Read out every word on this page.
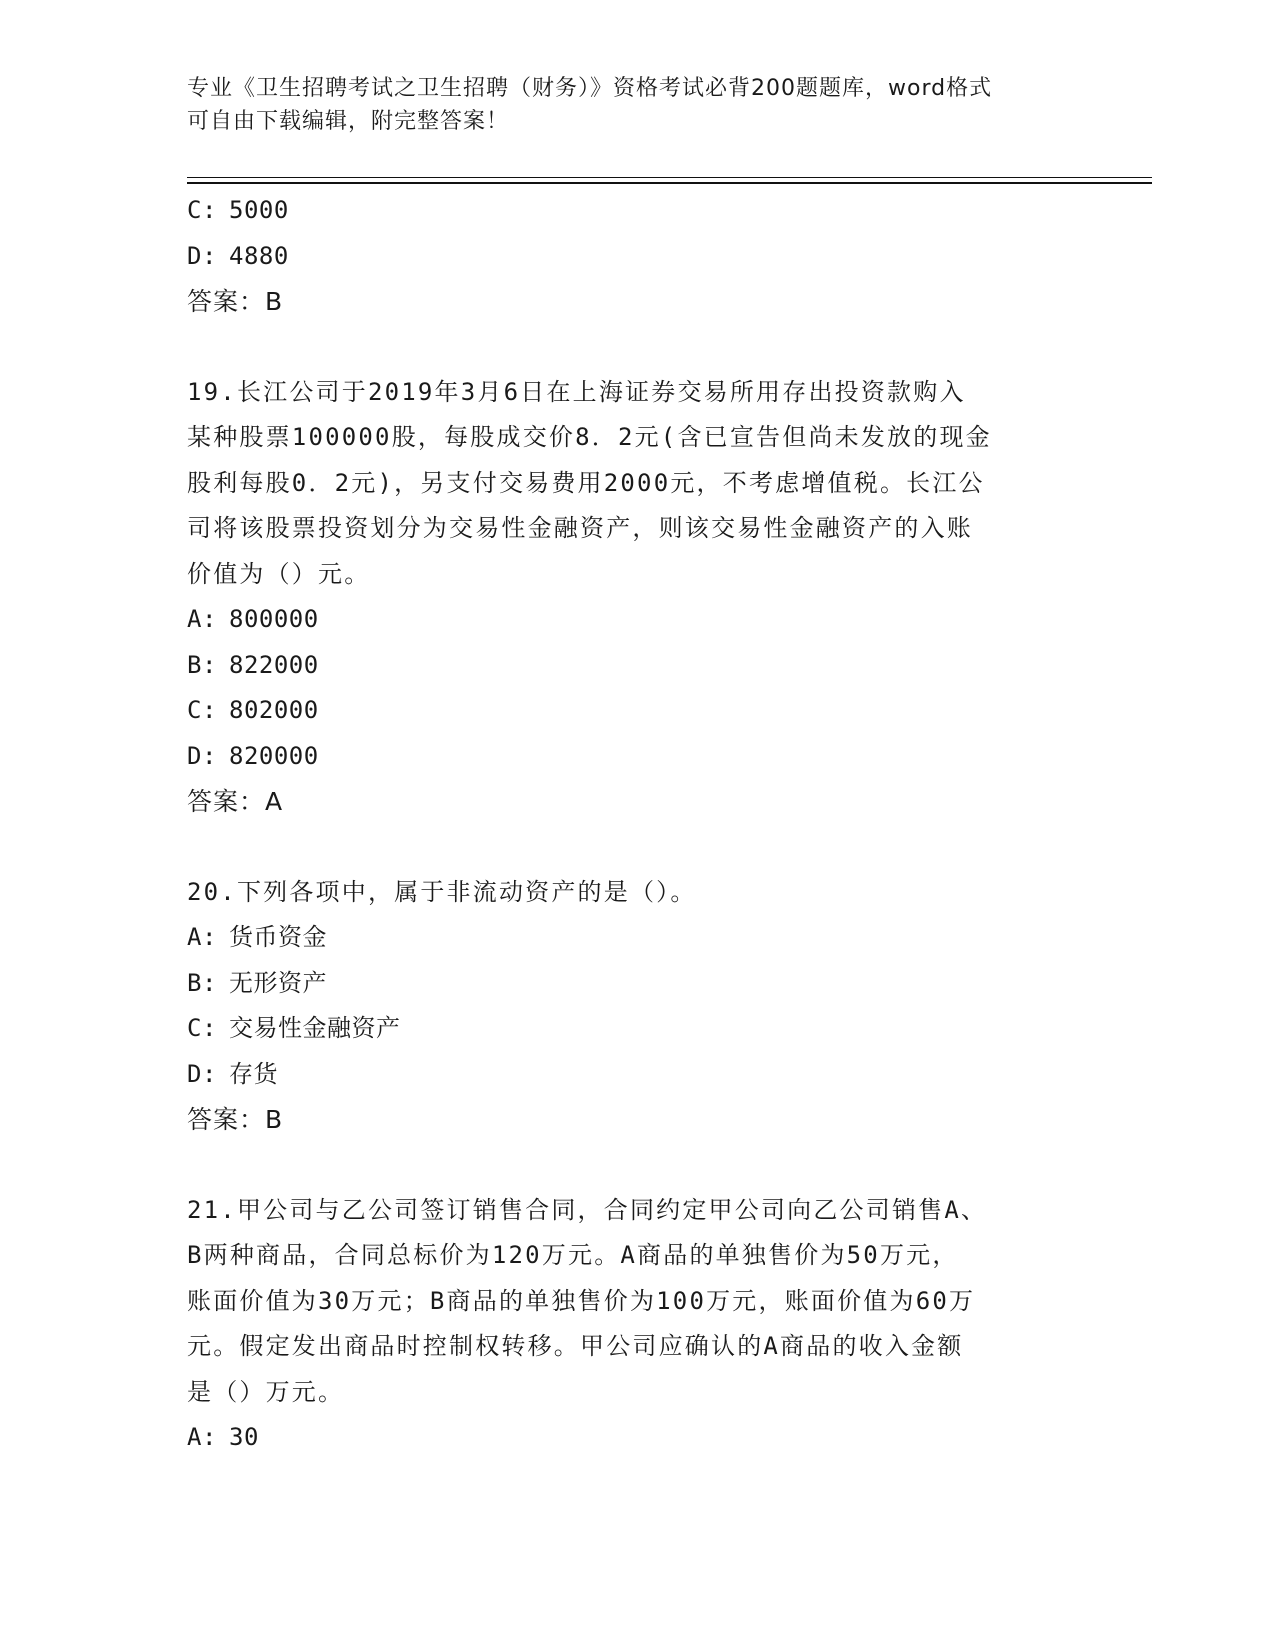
专业《卫生招聘考试之卫生招聘（财务）》资格考试必背200题题库，word格式
可自由下载编辑，附完整答案！
C: 5000
D: 4880
答案：B
19.长江公司于2019年3月6日在上海证券交易所用存出投资款购入
某种股票100000股，每股成交价8．2元(含已宣告但尚未发放的现金
股利每股0．2元)，另支付交易费用2000元，不考虑增值税。长江公
司将该股票投资划分为交易性金融资产，则该交易性金融资产的入账
价值为（）元。
A: 800000
B: 822000
C: 802000
D: 820000
答案：A
20.下列各项中，属于非流动资产的是（）。
A: 货币资金
B: 无形资产
C: 交易性金融资产
D: 存货
答案：B
21.甲公司与乙公司签订销售合同，合同约定甲公司向乙公司销售A、
B两种商品，合同总标价为120万元。A商品的单独售价为50万元，
账面价值为30万元；B商品的单独售价为100万元，账面价值为60万
元。假定发出商品时控制权转移。甲公司应确认的A商品的收入金额
是（）万元。
A: 30
